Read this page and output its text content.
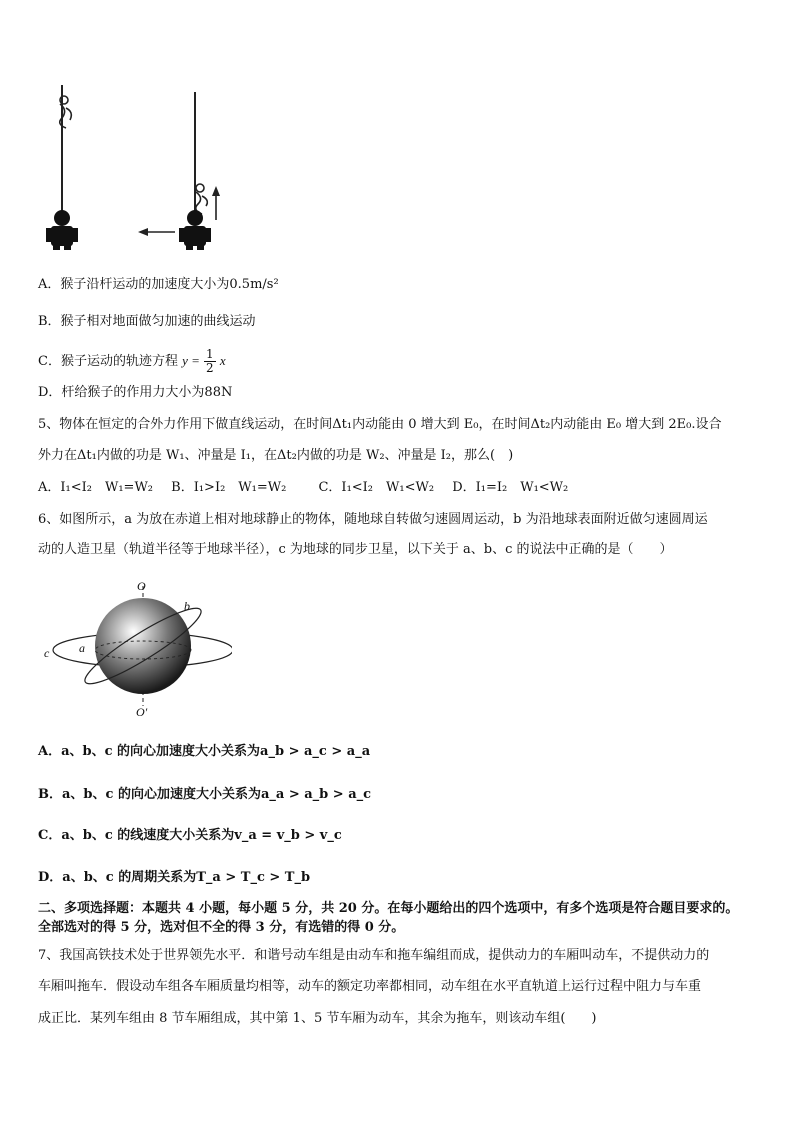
A．猴子沿杆运动的加速度大小为0.5m/s²
B．猴子相对地面做匀加速的曲线运动
C．猴子运动的轨迹方程 $y = \frac{1}{2}$ x
D．杆给猴子的作用力大小为88N
5、物体在恒定的合外力作用下做直线运动，在时间Δt₁内动能由 0 增大到 E₀，在时间Δt₂内动能由 E₀ 增大到 2E₀.设合
外力在Δt₁内做的功是 W₁、冲量是 I₁，在Δt₂内做的功是 W₂、冲量是 I₂，那么(　)
A．I₁<I₂　W₁=W₂ B．I₁>I₂　W₁=W₂ C．I₁<I₂　W₁<W₂ D．I₁=I₂　W₁<W₂
6、如图所示，a 为放在赤道上相对地球静止的物体，随地球自转做匀速圆周运动，b 为沿地球表面附近做匀速圆周运
动的人造卫星（轨道半径等于地球半径），c 为地球的同步卫星，以下关于 a、b、c 的说法中正确的是（　　）
O
O′
b
a
c
A．a、b、c 的向心加速度大小关系为a_b > a_c > a_a
B．a、b、c 的向心加速度大小关系为a_a > a_b > a_c
C．a、b、c 的线速度大小关系为v_a = v_b > v_c
D．a、b、c 的周期关系为T_a > T_c > T_b
二、多项选择题：本题共 4 小题，每小题 5 分，共 20 分。在每小题给出的四个选项中，有多个选项是符合题目要求的。
全部选对的得 5 分，选对但不全的得 3 分，有选错的得 0 分。
7、我国高铁技术处于世界领先水平．和谐号动车组是由动车和拖车编组而成，提供动力的车厢叫动车，不提供动力的
车厢叫拖车．假设动车组各车厢质量均相等，动车的额定功率都相同，动车组在水平直轨道上运行过程中阻力与车重
成正比．某列车组由 8 节车厢组成，其中第 1、5 节车厢为动车，其余为拖车，则该动车组(　　)
